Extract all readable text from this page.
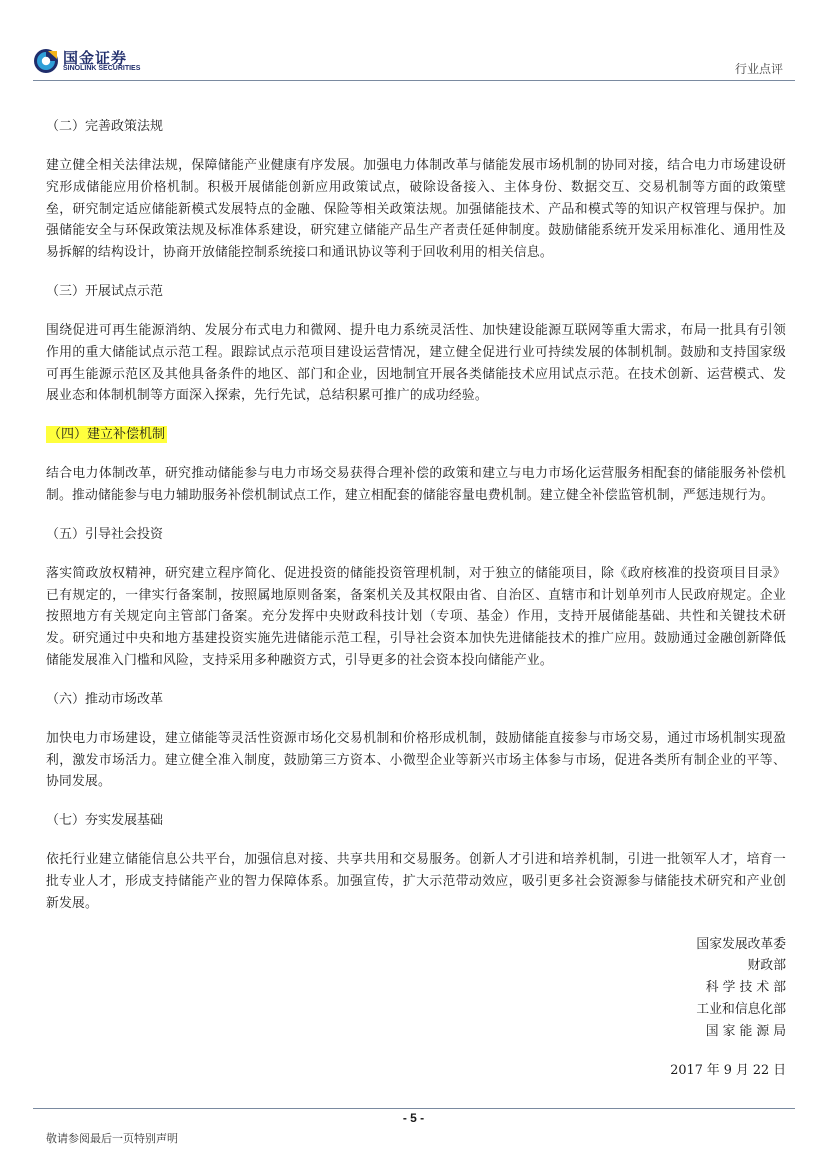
国金证券
SINOLINK SECURITIES	行业点评

（二）完善政策法规

建立健全相关法律法规，保障储能产业健康有序发展。加强电力体制改革与储能发展市场机制的协同对接，结合电力市场建设研究形成储能应用价格机制。积极开展储能创新应用政策试点，破除设备接入、主体身份、数据交互、交易机制等方面的政策壁垒，研究制定适应储能新模式发展特点的金融、保险等相关政策法规。加强储能技术、产品和模式等的知识产权管理与保护。加强储能安全与环保政策法规及标准体系建设，研究建立储能产品生产者责任延伸制度。鼓励储能系统开发采用标准化、通用性及易拆解的结构设计，协商开放储能控制系统接口和通讯协议等利于回收利用的相关信息。

（三）开展试点示范

围绕促进可再生能源消纳、发展分布式电力和微网、提升电力系统灵活性、加快建设能源互联网等重大需求，布局一批具有引领作用的重大储能试点示范工程。跟踪试点示范项目建设运营情况，建立健全促进行业可持续发展的体制机制。鼓励和支持国家级可再生能源示范区及其他具备条件的地区、部门和企业，因地制宜开展各类储能技术应用试点示范。在技术创新、运营模式、发展业态和体制机制等方面深入探索，先行先试，总结积累可推广的成功经验。

（四）建立补偿机制

结合电力体制改革，研究推动储能参与电力市场交易获得合理补偿的政策和建立与电力市场化运营服务相配套的储能服务补偿机制。推动储能参与电力辅助服务补偿机制试点工作，建立相配套的储能容量电费机制。建立健全补偿监管机制，严惩违规行为。

（五）引导社会投资

落实简政放权精神，研究建立程序简化、促进投资的储能投资管理机制，对于独立的储能项目，除《政府核准的投资项目目录》已有规定的，一律实行备案制，按照属地原则备案，备案机关及其权限由省、自治区、直辖市和计划单列市人民政府规定。企业按照地方有关规定向主管部门备案。充分发挥中央财政科技计划（专项、基金）作用，支持开展储能基础、共性和关键技术研发。研究通过中央和地方基建投资实施先进储能示范工程，引导社会资本加快先进储能技术的推广应用。鼓励通过金融创新降低储能发展准入门槛和风险，支持采用多种融资方式，引导更多的社会资本投向储能产业。

（六）推动市场改革

加快电力市场建设，建立储能等灵活性资源市场化交易机制和价格形成机制，鼓励储能直接参与市场交易，通过市场机制实现盈利，激发市场活力。建立健全准入制度，鼓励第三方资本、小微型企业等新兴市场主体参与市场，促进各类所有制企业的平等、协同发展。

（七）夯实发展基础

依托行业建立储能信息公共平台，加强信息对接、共享共用和交易服务。创新人才引进和培养机制，引进一批领军人才，培育一批专业人才，形成支持储能产业的智力保障体系。加强宣传，扩大示范带动效应，吸引更多社会资源参与储能技术研究和产业创新发展。

国家发展改革委
财政部
科 学 技 术 部
工业和信息化部
国 家 能 源 局
2017 年 9 月 22 日
- 5 -
敬请参阅最后一页特别声明
